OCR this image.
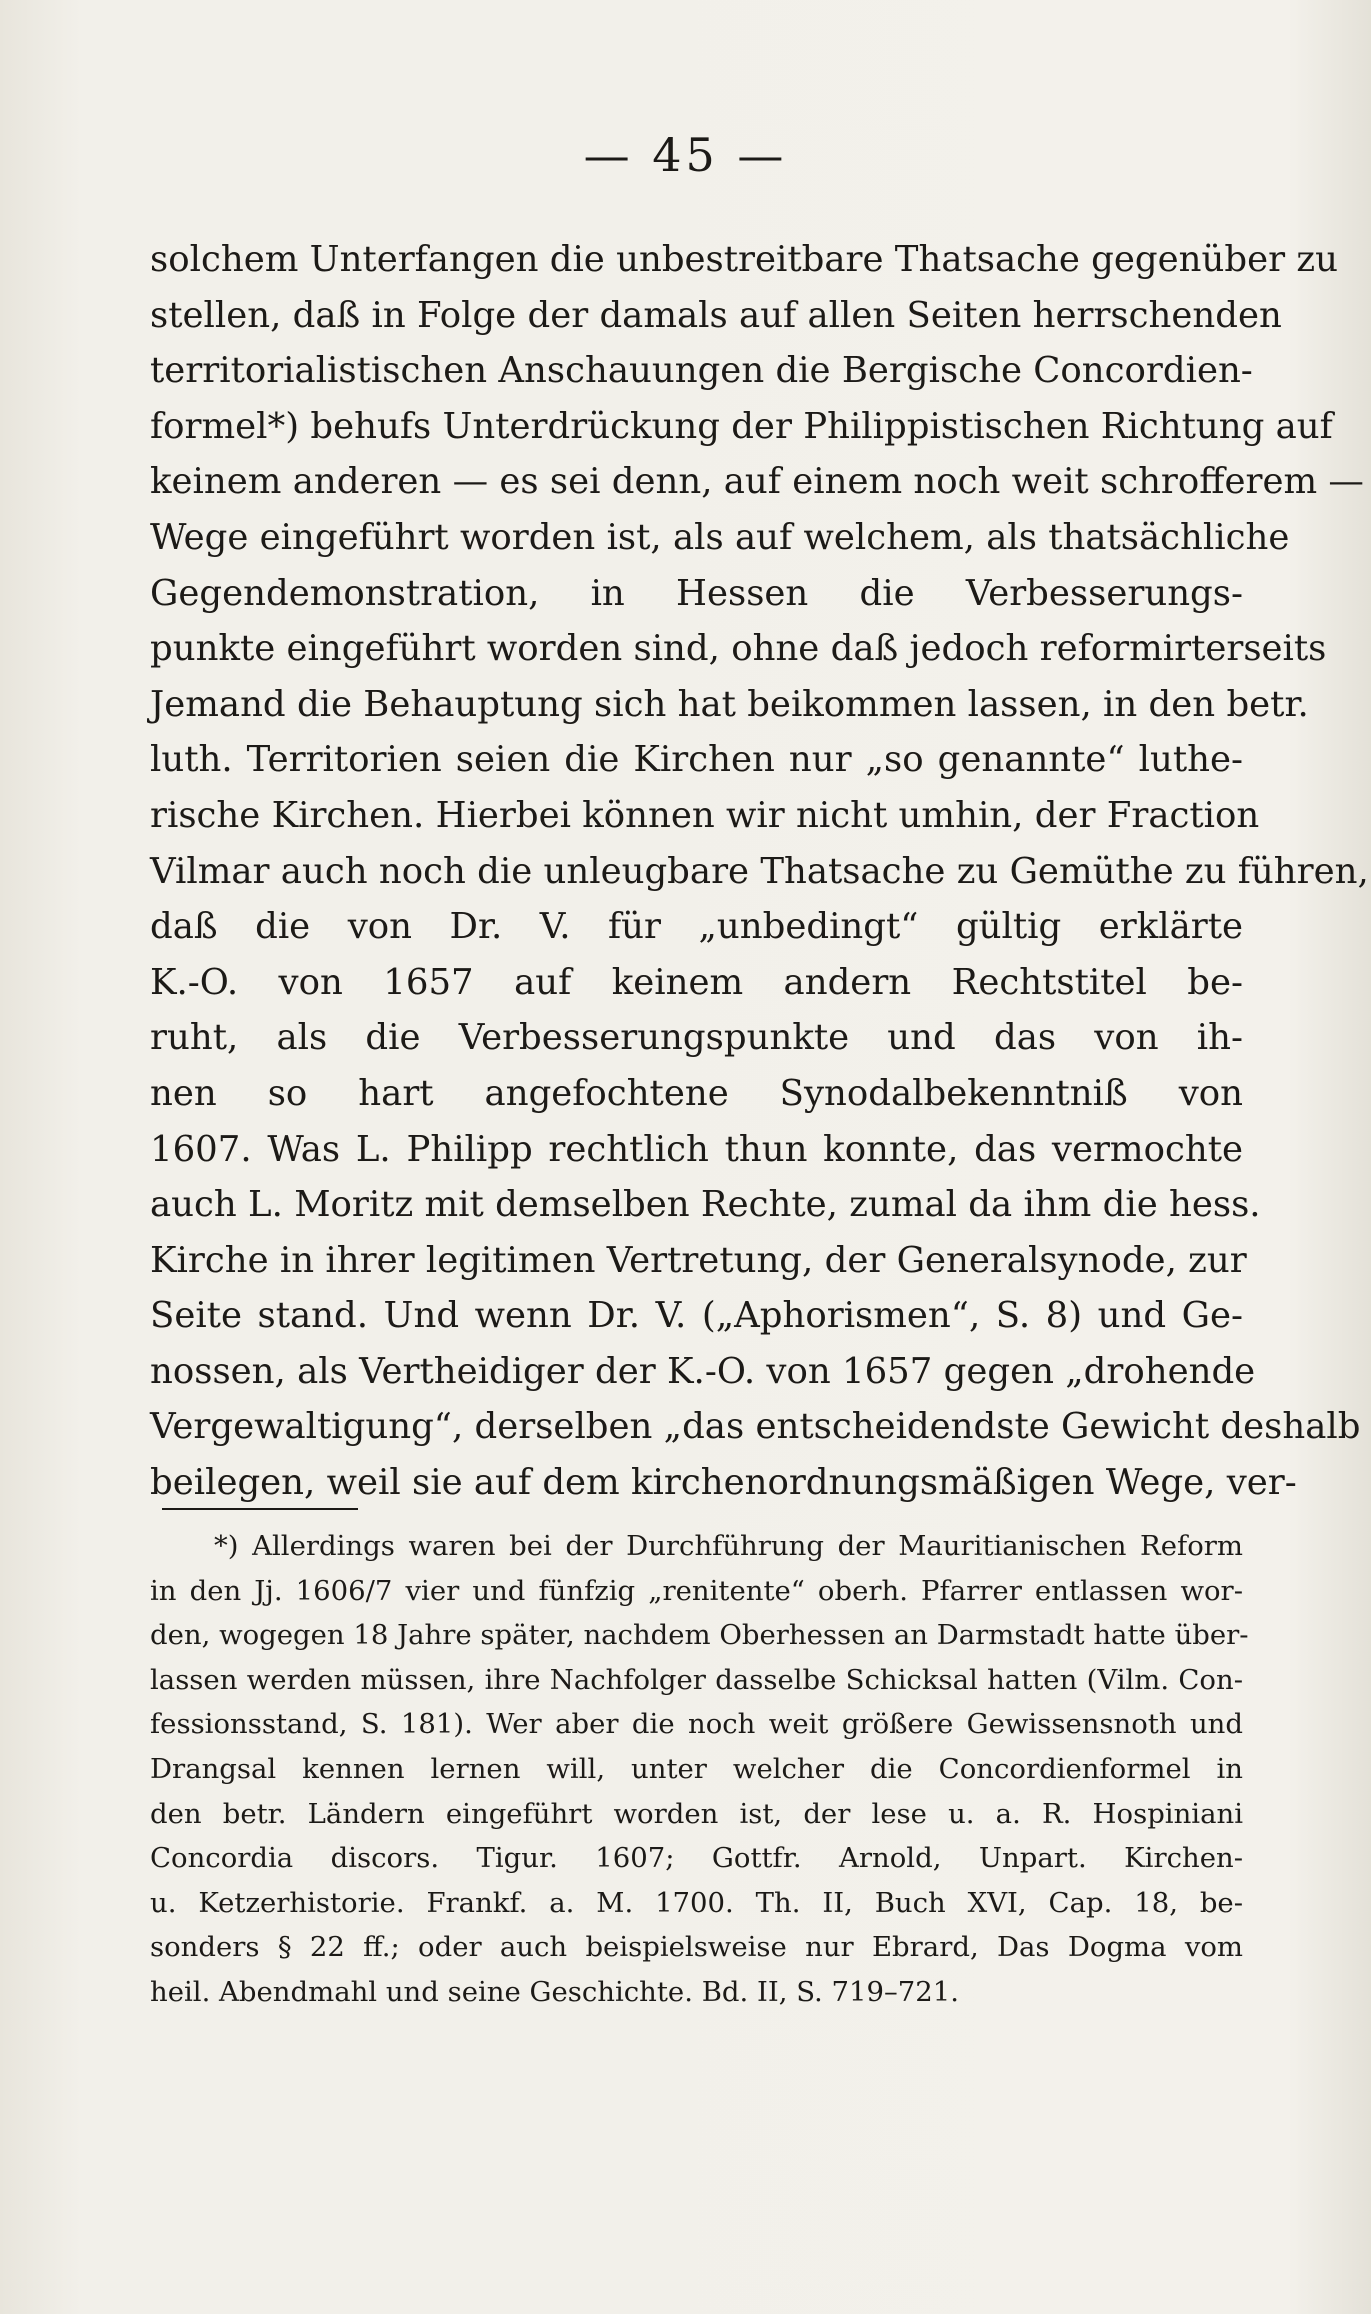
— 45 —
solchem Unterfangen die unbestreitbare Thatsache gegenüber zu
stellen, daß in Folge der damals auf allen Seiten herrschenden
territorialistischen Anschauungen die Bergische Concordien-
formel*) behufs Unterdrückung der Philippistischen Richtung auf
keinem anderen — es sei denn, auf einem noch weit schrofferem —
Wege eingeführt worden ist, als auf welchem, als thatsächliche
Gegendemonstration, in Hessen die Verbesserungs-
punkte eingeführt worden sind, ohne daß jedoch reformirterseits
Jemand die Behauptung sich hat beikommen lassen, in den betr.
luth. Territorien seien die Kirchen nur „so genannte“ luthe-
rische Kirchen. Hierbei können wir nicht umhin, der Fraction
Vilmar auch noch die unleugbare Thatsache zu Gemüthe zu führen,
daß die von Dr. V. für „unbedingt“ gültig erklärte
K.-O. von 1657 auf keinem andern Rechtstitel be-
ruht, als die Verbesserungspunkte und das von ih-
nen so hart angefochtene Synodalbekenntniß von
1607. Was L. Philipp rechtlich thun konnte, das vermochte
auch L. Moritz mit demselben Rechte, zumal da ihm die hess.
Kirche in ihrer legitimen Vertretung, der Generalsynode, zur
Seite stand. Und wenn Dr. V. („Aphorismen“, S. 8) und Ge-
nossen, als Vertheidiger der K.-O. von 1657 gegen „drohende
Vergewaltigung“, derselben „das entscheidendste Gewicht deshalb
beilegen, weil sie auf dem kirchenordnungsmäßigen Wege, ver-
*) Allerdings waren bei der Durchführung der Mauritianischen Reform
in den Jj. 1606/7 vier und fünfzig „renitente“ oberh. Pfarrer entlassen wor-
den, wogegen 18 Jahre später, nachdem Oberhessen an Darmstadt hatte über-
lassen werden müssen, ihre Nachfolger dasselbe Schicksal hatten (Vilm. Con-
fessionsstand, S. 181). Wer aber die noch weit größere Gewissensnoth und
Drangsal kennen lernen will, unter welcher die Concordienformel in
den betr. Ländern eingeführt worden ist, der lese u. a. R. Hospiniani
Concordia discors. Tigur. 1607; Gottfr. Arnold, Unpart. Kirchen-
u. Ketzerhistorie. Frankf. a. M. 1700. Th. II, Buch XVI, Cap. 18, be-
sonders § 22 ff.; oder auch beispielsweise nur Ebrard, Das Dogma vom
heil. Abendmahl und seine Geschichte. Bd. II, S. 719–721.
